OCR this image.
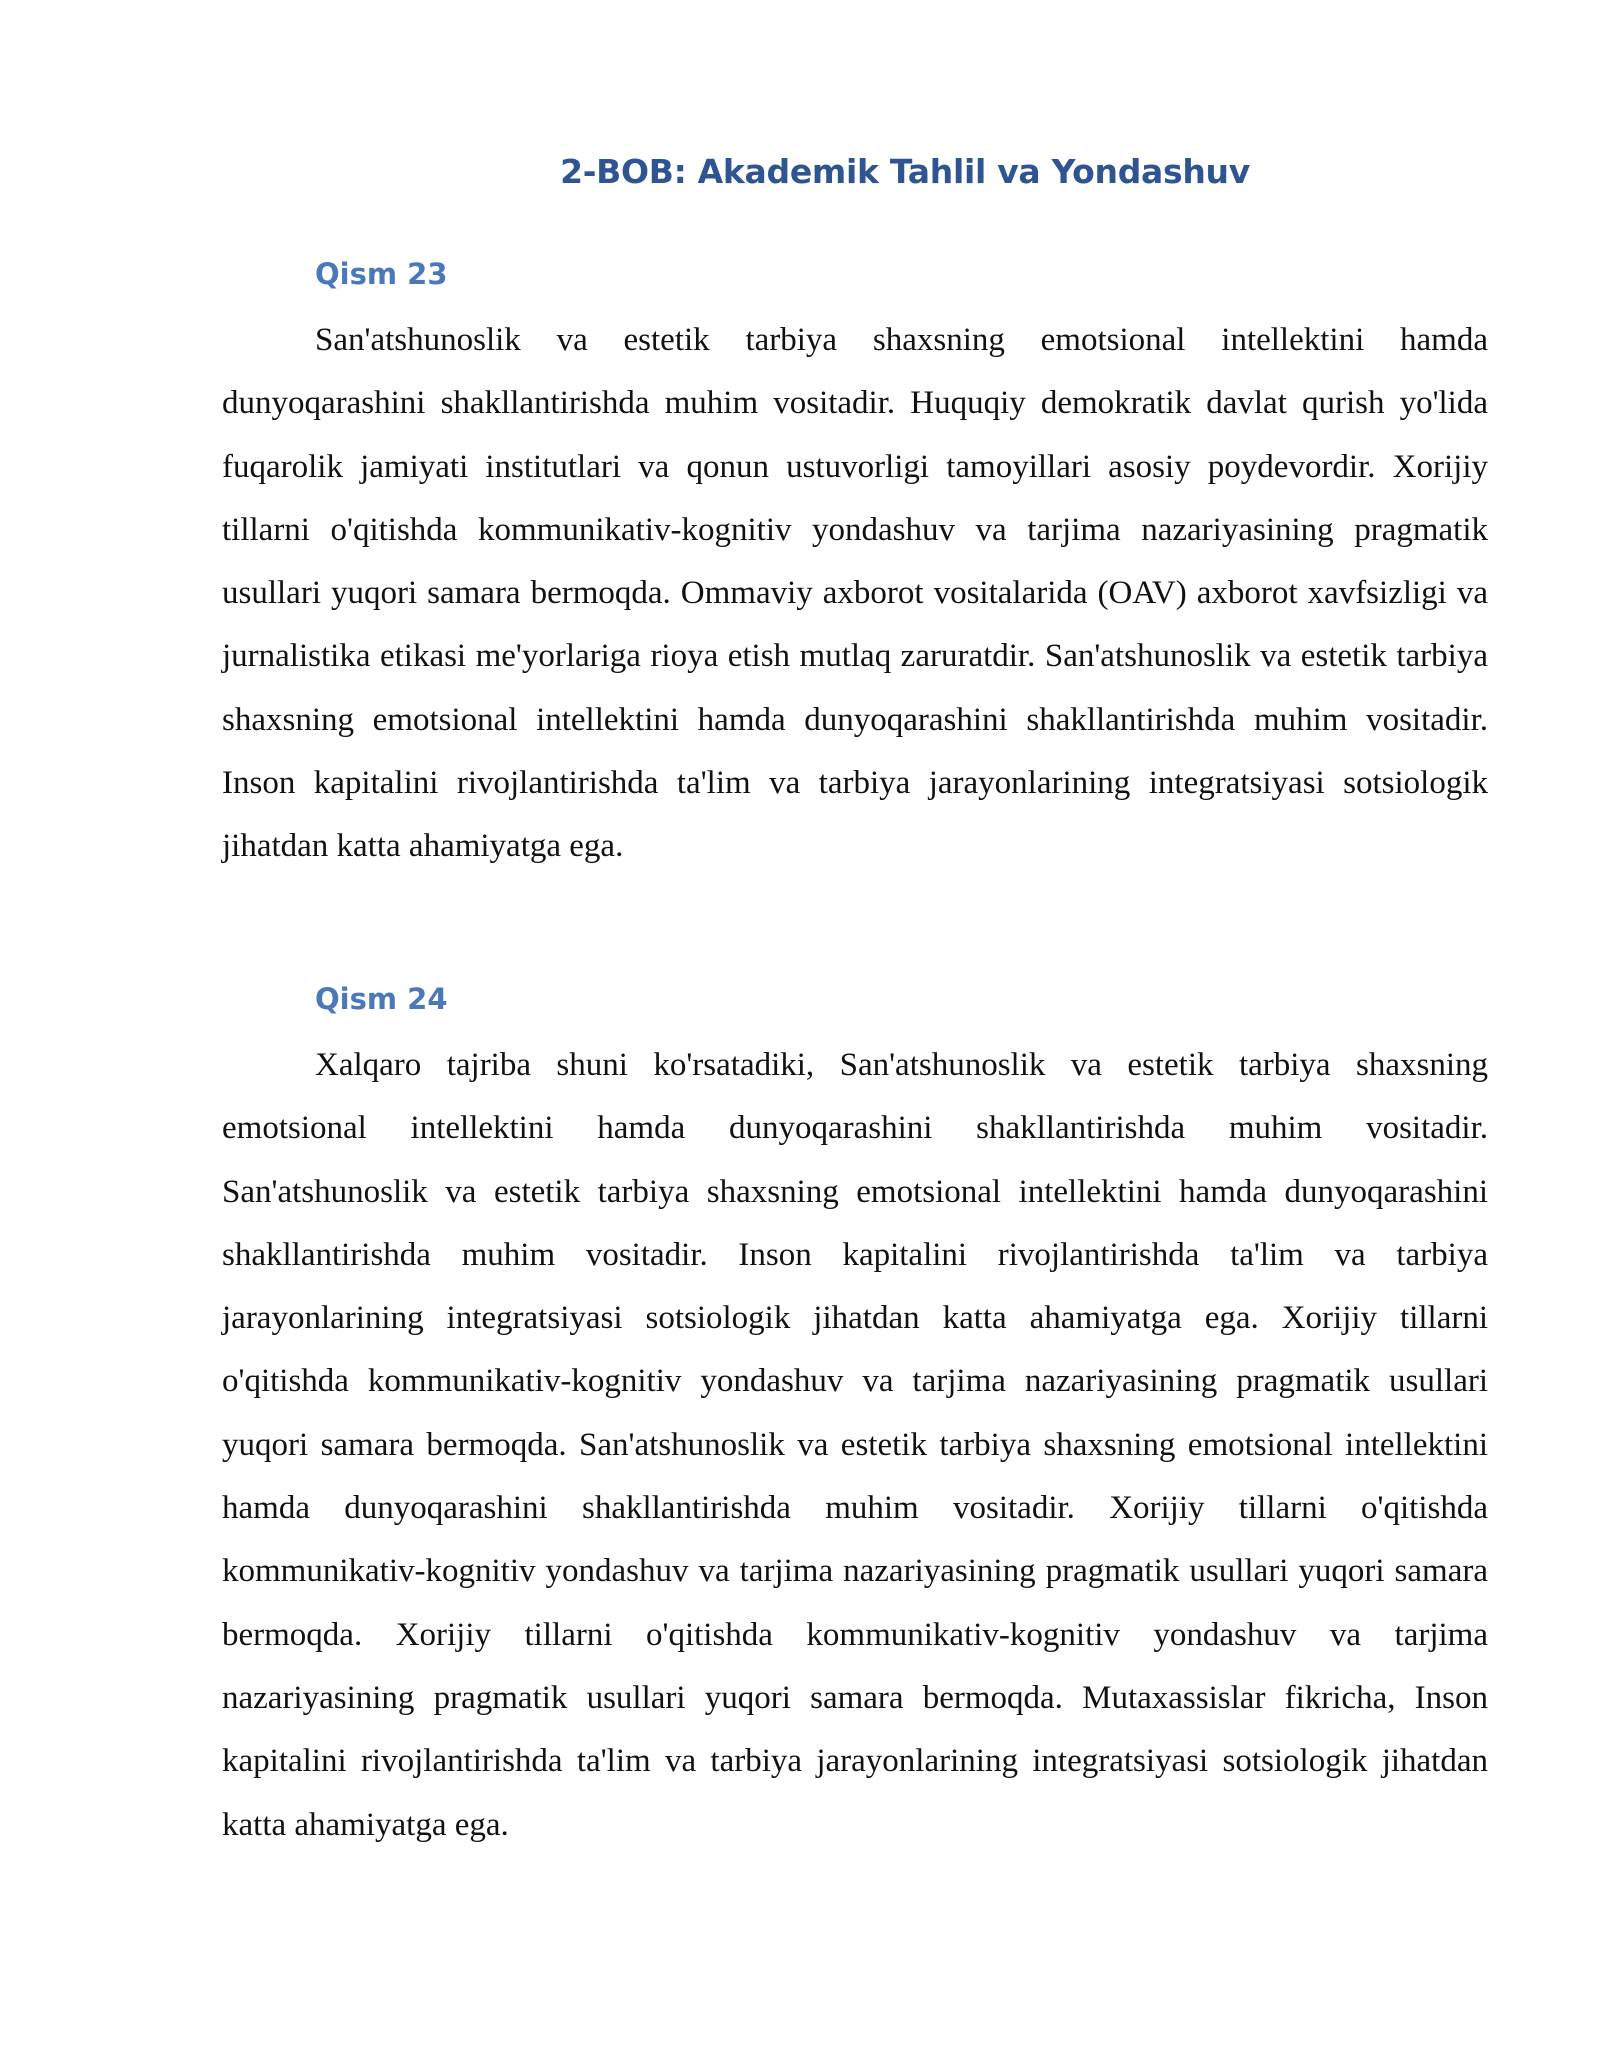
2-BOB: Akademik Tahlil va Yondashuv
Qism 23

San'atshunoslik va estetik tarbiya shaxsning emotsional intellektini hamda dunyoqarashini shakllantirishda muhim vositadir. Huquqiy demokratik davlat qurish yo'lida fuqarolik jamiyati institutlari va qonun ustuvorligi tamoyillari asosiy poydevordir. Xorijiy tillarni o'qitishda kommunikativ-kognitiv yondashuv va tarjima nazariyasining pragmatik usullari yuqori samara bermoqda. Ommaviy axborot vositalarida (OAV) axborot xavfsizligi va jurnalistika etikasi me'yorlariga rioya etish mutlaq zaruratdir. San'atshunoslik va estetik tarbiya shaxsning emotsional intellektini hamda dunyoqarashini shakllantirishda muhim vositadir. Inson kapitalini rivojlantirishda ta'lim va tarbiya jarayonlarining integratsiyasi sotsiologik jihatdan katta ahamiyatga ega.

Qism 24

Xalqaro tajriba shuni ko'rsatadiki, San'atshunoslik va estetik tarbiya shaxsning emotsional intellektini hamda dunyoqarashini shakllantirishda muhim vositadir. San'atshunoslik va estetik tarbiya shaxsning emotsional intellektini hamda dunyoqarashini shakllantirishda muhim vositadir. Inson kapitalini rivojlantirishda ta'lim va tarbiya jarayonlarining integratsiyasi sotsiologik jihatdan katta ahamiyatga ega. Xorijiy tillarni o'qitishda kommunikativ-kognitiv yondashuv va tarjima nazariyasining pragmatik usullari yuqori samara bermoqda. San'atshunoslik va estetik tarbiya shaxsning emotsional intellektini hamda dunyoqarashini shakllantirishda muhim vositadir. Xorijiy tillarni o'qitishda kommunikativ-kognitiv yondashuv va tarjima nazariyasining pragmatik usullari yuqori samara bermoqda. Xorijiy tillarni o'qitishda kommunikativ-kognitiv yondashuv va tarjima nazariyasining pragmatik usullari yuqori samara bermoqda. Mutaxassislar fikricha, Inson kapitalini rivojlantirishda ta'lim va tarbiya jarayonlarining integratsiyasi sotsiologik jihatdan katta ahamiyatga ega.
